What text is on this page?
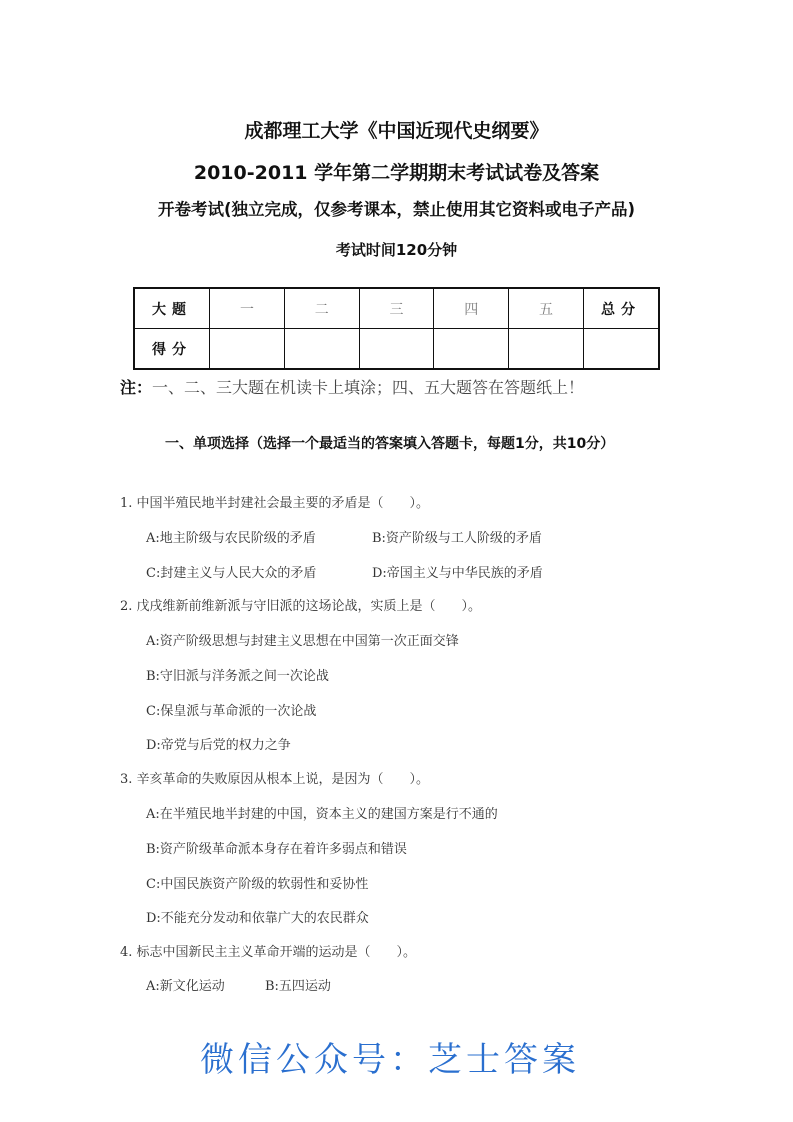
成都理工大学《中国近现代史纲要》
2010-2011 学年第二学期期末考试试卷及答案
开卷考试(独立完成，仅参考课本，禁止使用其它资料或电子产品)
考试时间120分钟
大题	一	二	三	四	五	总分
得分						
注：一、二、三大题在机读卡上填涂；四、五大题答在答题纸上！
一、单项选择（选择一个最适当的答案填入答题卡，每题1分，共10分）
1. 中国半殖民地半封建社会最主要的矛盾是（　　）。
A:地主阶级与农民阶级的矛盾	B:资产阶级与工人阶级的矛盾
C:封建主义与人民大众的矛盾	D:帝国主义与中华民族的矛盾
2. 戊戌维新前维新派与守旧派的这场论战，实质上是（　　）。
A:资产阶级思想与封建主义思想在中国第一次正面交锋
B:守旧派与洋务派之间一次论战
C:保皇派与革命派的一次论战
D:帝党与后党的权力之争
3. 辛亥革命的失败原因从根本上说，是因为（　　）。
A:在半殖民地半封建的中国，资本主义的建国方案是行不通的
B:资产阶级革命派本身存在着许多弱点和错误
C:中国民族资产阶级的软弱性和妥协性
D:不能充分发动和依靠广大的农民群众
4. 标志中国新民主主义革命开端的运动是（　　）。
A:新文化运动	B:五四运动
微信公众号：芝士答案
